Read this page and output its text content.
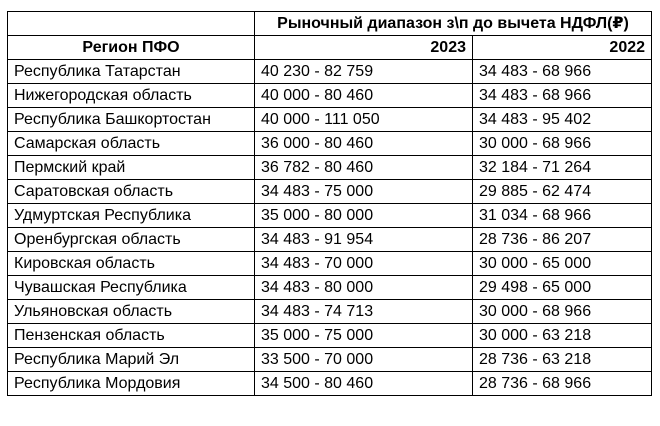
	Рыночный диапазон з\п до вычета НДФЛ(₽)	
Регион ПФО	2023	2022
Республика Татарстан	40 230 - 82 759	34 483 - 68 966
Нижегородская область	40 000 - 80 460	34 483 - 68 966
Республика Башкортостан	40 000 - 111 050	34 483 - 95 402
Самарская область	36 000 - 80 460	30 000 - 68 966
Пермский край	36 782 - 80 460	32 184 - 71 264
Саратовская область	34 483 - 75 000	29 885 - 62 474
Удмуртская Республика	35 000 - 80 000	31 034 - 68 966
Оренбургская область	34 483 - 91 954	28 736 - 86 207
Кировская область	34 483 - 70 000	30 000 - 65 000
Чувашская Республика	34 483 - 80 000	29 498 - 65 000
Ульяновская область	34 483 - 74 713	30 000 - 68 966
Пензенская область	35 000 - 75 000	30 000 - 63 218
Республика Марий Эл	33 500 - 70 000	28 736 - 63 218
Республика Мордовия	34 500 - 80 460	28 736 - 68 966
